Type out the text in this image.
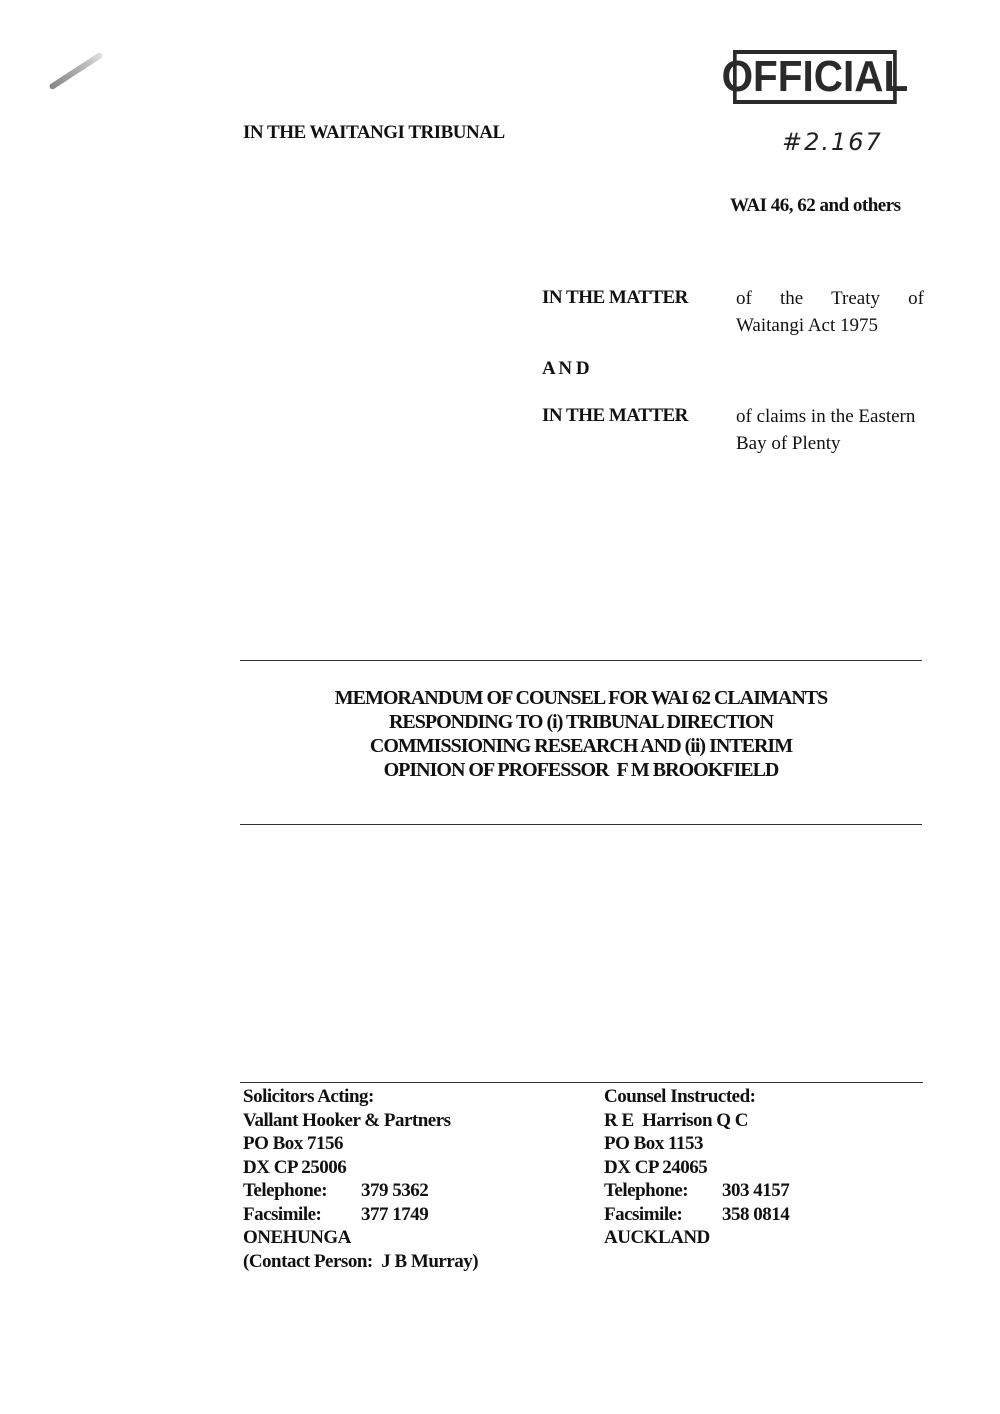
OFFICIAL
#2.167
IN THE WAITANGI TRIBUNAL
WAI 46, 62 and others
IN THE MATTER	of the Treaty of
Waitangi Act 1975
A N D
IN THE MATTER	of claims in the Eastern
Bay of Plenty
MEMORANDUM OF COUNSEL FOR WAI 62 CLAIMANTS
RESPONDING TO (i) TRIBUNAL DIRECTION
COMMISSIONING RESEARCH AND (ii) INTERIM
OPINION OF PROFESSOR  F M BROOKFIELD
Solicitors Acting:
Vallant Hooker & Partners
PO Box 7156
DX CP 25006
Telephone:	379 5362
Facsimile:	377 1749
ONEHUNGA
(Contact Person:  J B Murray)
Counsel Instructed:
R E  Harrison Q C
PO Box 1153
DX CP 24065
Telephone:	303 4157
Facsimile:	358 0814
AUCKLAND
